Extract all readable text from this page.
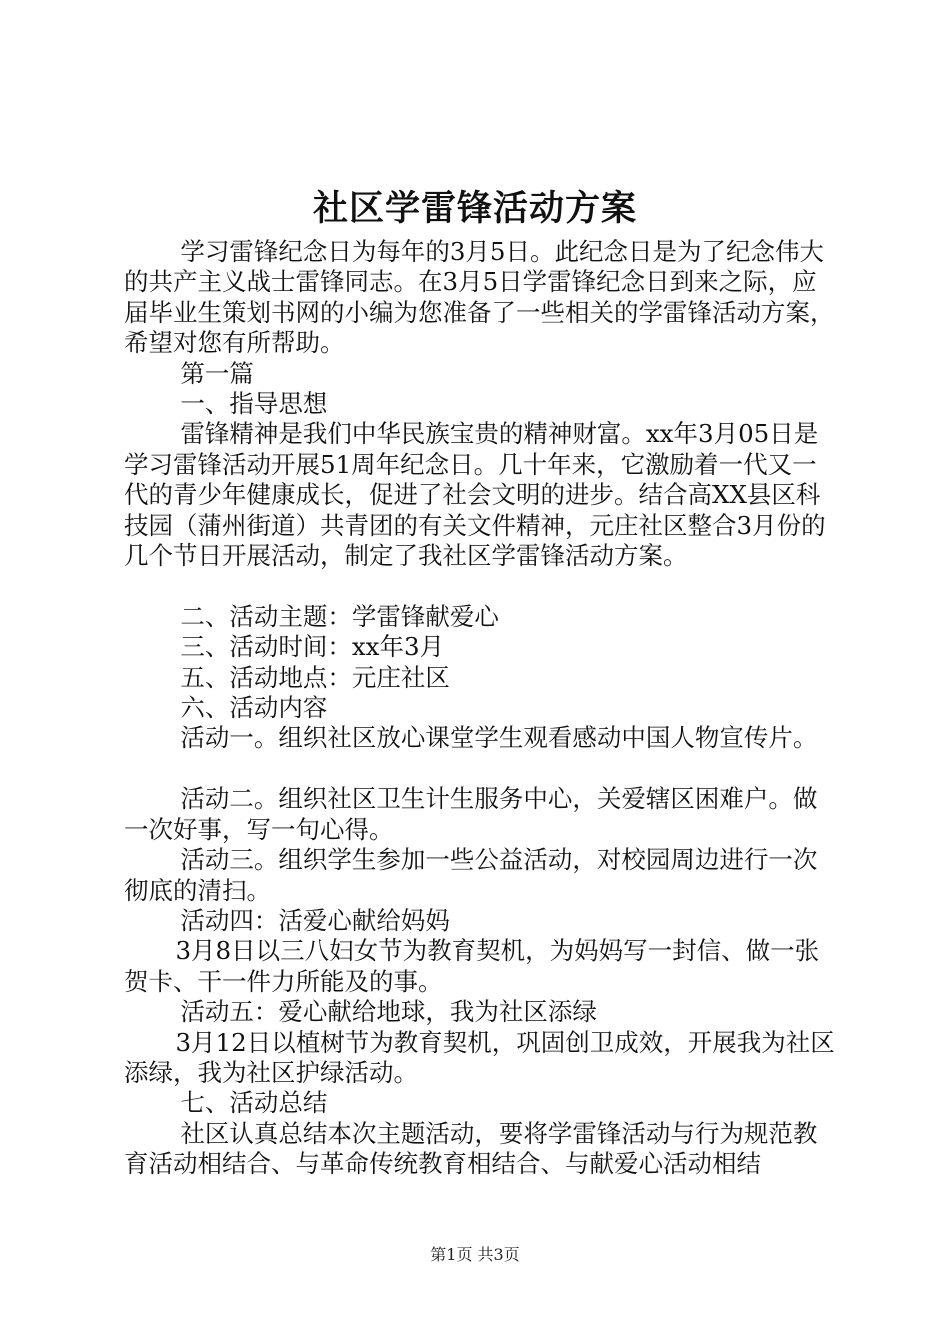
社区学雷锋活动方案

学习雷锋纪念日为每年的3月5日。此纪念日是为了纪念伟大的共产主义战士雷锋同志。在3月5日学雷锋纪念日到来之际，应届毕业生策划书网的小编为您准备了一些相关的学雷锋活动方案，希望对您有所帮助。

第一篇

一、指导思想

雷锋精神是我们中华民族宝贵的精神财富。xx年3月05日是学习雷锋活动开展51周年纪念日。几十年来，它激励着一代又一代的青少年健康成长，促进了社会文明的进步。结合高XX县区科技园（蒲州街道）共青团的有关文件精神，元庄社区整合3月份的几个节日开展活动，制定了我社区学雷锋活动方案。

二、活动主题：学雷锋献爱心

三、活动时间：xx年3月

五、活动地点：元庄社区

六、活动内容

活动一。组织社区放心课堂学生观看感动中国人物宣传片。

活动二。组织社区卫生计生服务中心，关爱辖区困难户。做一次好事，写一句心得。

活动三。组织学生参加一些公益活动，对校园周边进行一次彻底的清扫。

活动四：活爱心献给妈妈

3月8日以三八妇女节为教育契机，为妈妈写一封信、做一张贺卡、干一件力所能及的事。

活动五：爱心献给地球，我为社区添绿

3月12日以植树节为教育契机，巩固创卫成效，开展我为社区添绿，我为社区护绿活动。

七、活动总结

社区认真总结本次主题活动，要将学雷锋活动与行为规范教育活动相结合、与革命传统教育相结合、与献爱心活动相结

第1页 共3页
